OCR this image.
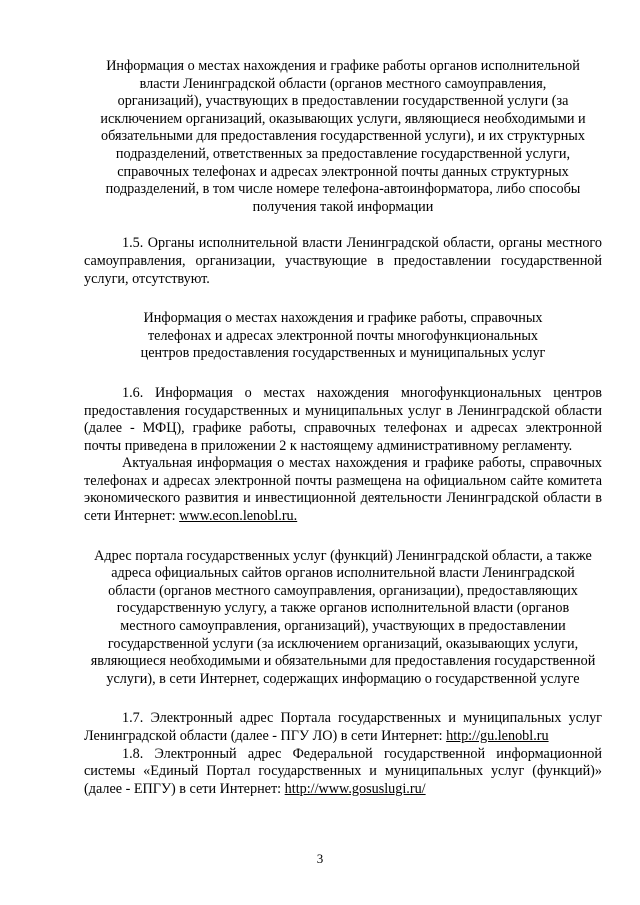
Информация о местах нахождения и графике работы органов исполнительной власти Ленинградской области (органов местного самоуправления, организаций), участвующих в предоставлении государственной услуги (за исключением организаций, оказывающих услуги, являющиеся необходимыми и обязательными для предоставления государственной услуги), и их структурных подразделений, ответственных за предоставление государственной услуги, справочных телефонах и адресах электронной почты данных структурных подразделений, в том числе номере телефона-автоинформатора, либо способы получения такой информации

1.5. Органы исполнительной власти Ленинградской области, органы местного самоуправления, организации, участвующие в предоставлении государственной услуги, отсутствуют.

Информация о местах нахождения и графике работы, справочных телефонах и адресах электронной почты многофункциональных центров предоставления государственных и муниципальных услуг

1.6. Информация о местах нахождения многофункциональных центров предоставления государственных и муниципальных услуг в Ленинградской области (далее - МФЦ), графике работы, справочных телефонах и адресах электронной почты приведена в приложении 2 к настоящему административному регламенту.

Актуальная информация о местах нахождения и графике работы, справочных телефонах и адресах электронной почты размещена на официальном сайте комитета экономического развития и инвестиционной деятельности Ленинградской области в сети Интернет: www.econ.lenobl.ru.

Адрес портала государственных услуг (функций) Ленинградской области, а также адреса официальных сайтов органов исполнительной власти Ленинградской области (органов местного самоуправления, организации), предоставляющих государственную услугу, а также органов исполнительной власти (органов местного самоуправления, организаций), участвующих в предоставлении государственной услуги (за исключением организаций, оказывающих услуги, являющиеся необходимыми и обязательными для предоставления государственной услуги), в сети Интернет, содержащих информацию о государственной услуге

1.7. Электронный адрес Портала государственных и муниципальных услуг Ленинградской области (далее - ПГУ ЛО) в сети Интернет: http://gu.lenobl.ru

1.8. Электронный адрес Федеральной государственной информационной системы «Единый Портал государственных и муниципальных услуг (функций)» (далее - ЕПГУ) в сети Интернет: http://www.gosuslugi.ru/

3
